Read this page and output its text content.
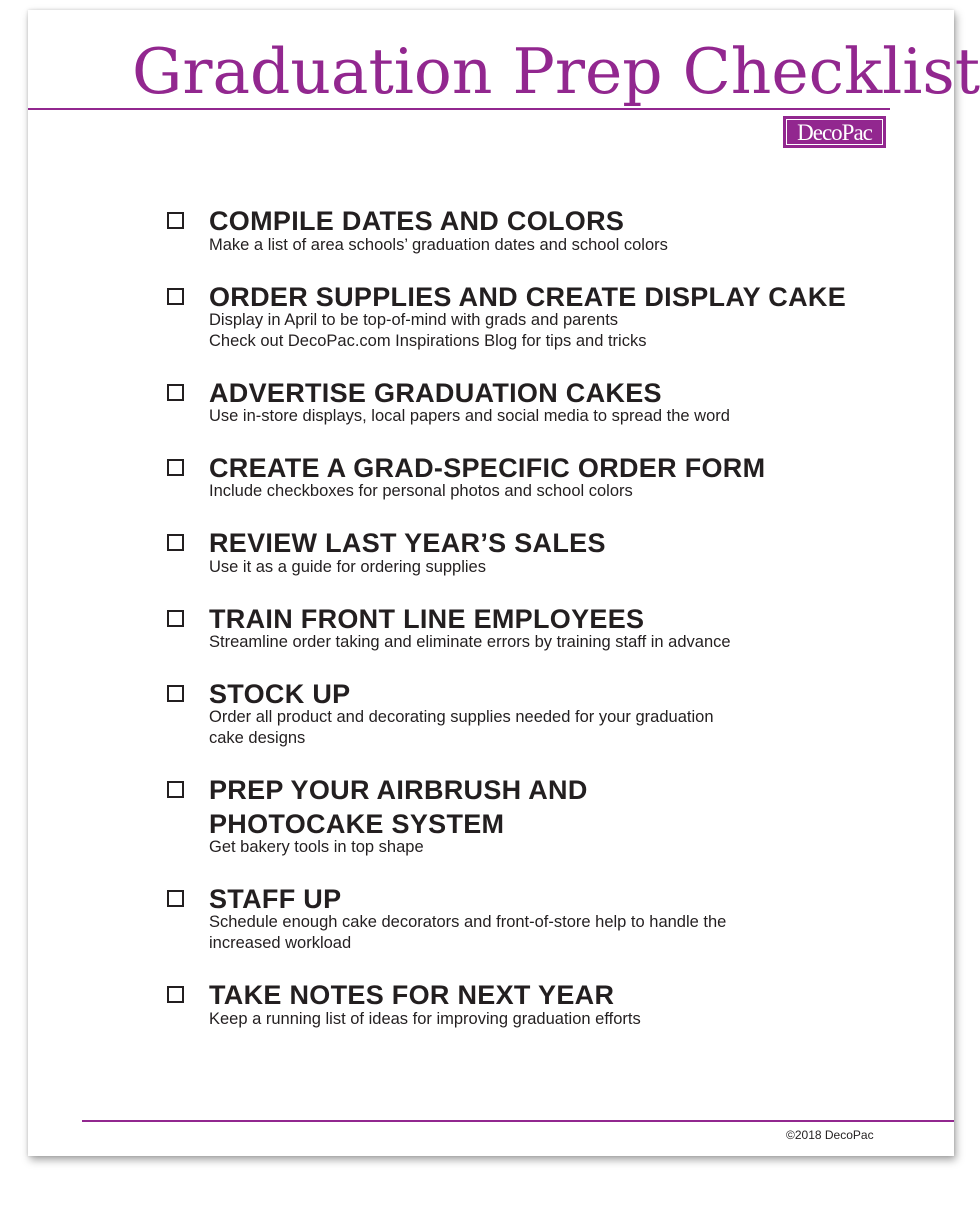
Graduation Prep Checklist
DecoPac
COMPILE DATES AND COLORS
Make a list of area schools’ graduation dates and school colors
ORDER SUPPLIES AND CREATE DISPLAY CAKE
Display in April to be top-of-mind with grads and parents
Check out DecoPac.com Inspirations Blog for tips and tricks
ADVERTISE GRADUATION CAKES
Use in-store displays, local papers and social media to spread the word
CREATE A GRAD-SPECIFIC ORDER FORM
Include checkboxes for personal photos and school colors
REVIEW LAST YEAR’S SALES
Use it as a guide for ordering supplies
TRAIN FRONT LINE EMPLOYEES
Streamline order taking and eliminate errors by training staff in advance
STOCK UP
Order all product and decorating supplies needed for your graduation
cake designs
PREP YOUR AIRBRUSH AND PHOTOCAKE SYSTEM
Get bakery tools in top shape
STAFF UP
Schedule enough cake decorators and front-of-store help to handle the
increased workload
TAKE NOTES FOR NEXT YEAR
Keep a running list of ideas for improving graduation efforts
©2018 DecoPac
